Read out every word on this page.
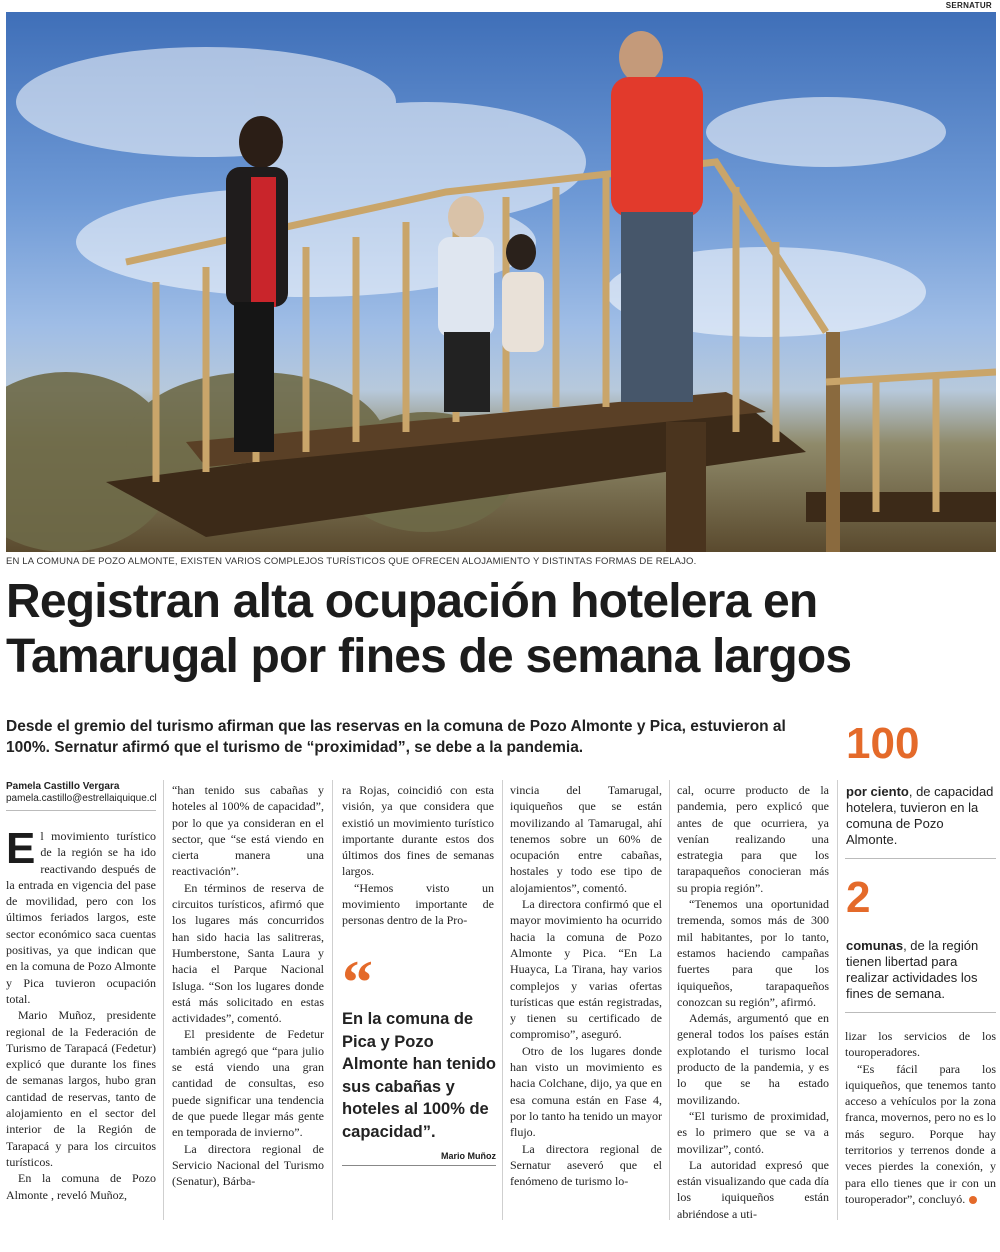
SERNATUR
EN LA COMUNA DE POZO ALMONTE, EXISTEN VARIOS COMPLEJOS TURÍSTICOS QUE OFRECEN ALOJAMIENTO Y DISTINTAS FORMAS DE RELAJO.
Registran alta ocupación hotelera en Tamarugal por fines de semana largos

Desde el gremio del turismo afirman que las reservas en la comuna de Pozo Almonte y Pica, estuvieron al 100%. Sernatur afirmó que el turismo de “proximidad”, se debe a la pandemia.

Pamela Castillo Vergara
pamela.castillo@estrellaiquique.cl

El movimiento turístico de la región se ha ido reactivando después de la entrada en vigencia del pase de movilidad, pero con los últimos feriados largos, este sector económico saca cuentas positivas, ya que indican que en la comuna de Pozo Almonte y Pica tuvieron ocupación total.

Mario Muñoz, presidente regional de la Federación de Turismo de Tarapacá (Fedetur) explicó que durante los fines de semanas largos, hubo gran cantidad de reservas, tanto de alojamiento en el sector del interior de la Región de Tarapacá y para los circuitos turísticos.

En la comuna de Pozo Almonte , reveló Muñoz,

“han tenido sus cabañas y hoteles al 100% de capacidad”, por lo que ya consideran en el sector, que “se está viendo en cierta manera una reactivación”.

En términos de reserva de circuitos turísticos, afirmó que los lugares más concurridos han sido hacia las salitreras, Humberstone, Santa Laura y hacia el Parque Nacional Isluga. “Son los lugares donde está más solicitado en estas actividades”, comentó.

El presidente de Fedetur también agregó que “para julio se está viendo una gran cantidad de consultas, eso puede significar una tendencia de que puede llegar más gente en temporada de invierno”.

La directora regional de Servicio Nacional del Turismo (Senatur), Bárba-

ra Rojas, coincidió con esta visión, ya que considera que existió un movimiento turístico importante durante estos dos últimos dos fines de semanas largos.

“Hemos visto un movimiento importante de personas dentro de la Pro-

“
En la comuna de Pica y Pozo Almonte han tenido sus cabañas y hoteles al 100% de capacidad”.
Mario Muñoz

vincia del Tamarugal, iquiqueños que se están movilizando al Tamarugal, ahí tenemos sobre un 60% de ocupación entre cabañas, hostales y todo ese tipo de alojamientos”, comentó.

La directora confirmó que el mayor movimiento ha ocurrido hacia la comuna de Pozo Almonte y Pica. “En La Huayca, La Tirana, hay varios complejos y varias ofertas turísticas que están registradas, y tienen su certificado de compromiso”, aseguró.

Otro de los lugares donde han visto un movimiento es hacia Colchane, dijo, ya que en esa comuna están en Fase 4, por lo tanto ha tenido un mayor flujo.

La directora regional de Sernatur aseveró que el fenómeno de turismo lo-

cal, ocurre producto de la pandemia, pero explicó que antes de que ocurriera, ya venían realizando una estrategia para que los tarapaqueños conocieran más su propia región”.

“Tenemos una oportunidad tremenda, somos más de 300 mil habitantes, por lo tanto, estamos haciendo campañas fuertes para que los iquiqueños, tarapaqueños conozcan su región”, afirmó.

Además, argumentó que en general todos los países están explotando el turismo local producto de la pandemia, y es lo que se ha estado movilizando.

“El turismo de proximidad, es lo primero que se va a movilizar”, contó.

La autoridad expresó que están visualizando que cada día los iquiqueños están abriéndose a uti-

100
por ciento, de capacidad hotelera, tuvieron en la comuna de Pozo Almonte.
2
comunas, de la región tienen libertad para realizar actividades los fines de semana.

lizar los servicios de los touroperadores.

“Es fácil para los iquiqueños, que tenemos tanto acceso a vehículos por la zona franca, movernos, pero no es lo más seguro. Porque hay territorios y terrenos donde a veces pierdes la conexión, y para ello tienes que ir con un touroperador”, concluyó.
